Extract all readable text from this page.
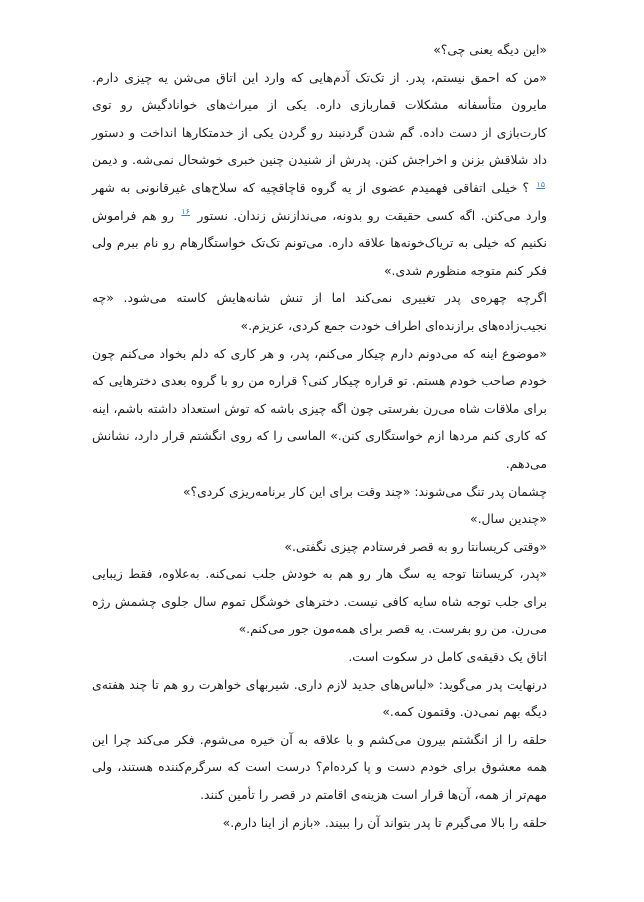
«این دیگه یعنی چی؟»

«من که احمق نیستم، پدر. از تک‌تک آدم‌هایی که وارد این اتاق می‌شن یه چیزی دارم. مایرون متأسفانه مشکلات قماربازی داره. یکی از میراث‌های خوانادگیش رو توی کارت‌بازی از دست داده. گم شدن گردنبند رو گردن یکی از خدمتکارها انداخت و دستور داد شلاقش بزنن و اخراجش کنن. پدرش از شنیدن چنین خبری خوشحال نمی‌شه. و دیمن $^{۱۵}$ ؟ خیلی اتفاقی فهمیدم عضوی از یه گروه قاچاقچیه که سلاح‌های غیرقانونی به شهر وارد می‌کنن. اگه کسی حقیقت رو بدونه، می‌ندازنش زندان. نستور $^{۱۶}$ رو هم فراموش نکنیم که خیلی به تریاک‌خونه‌ها علاقه داره. می‌تونم تک‌تک خواستگارهام رو نام ببرم ولی فکر کنم متوجه منظورم شدی.»

اگرچه چهره‌ی پدر تغییری نمی‌کند اما از تنش شانه‌هایش کاسته می‌شود. «چه نجیب‌زاده‌های برازنده‌ای اطراف خودت جمع کردی، عزیزم.»

«موضوع اینه که می‌دونم دارم چیکار می‌کنم، پدر، و هر کاری که دلم بخواد می‌کنم چون خودم صاحب خودم هستم. تو قراره چیکار کنی؟ قراره من رو با گروه بعدی دخترهایی که برای ملاقات شاه می‌رن بفرستی چون اگه چیزی باشه که توش استعداد داشته باشم، اینه که کاری کنم مردها ازم خواستگاری کنن.» الماسی را که روی انگشتم قرار دارد، نشانش می‌دهم.

چشمان پدر تنگ می‌شوند: «چند وقت برای این کار برنامه‌ریزی کردی؟»

«چندین سال.»

«وقتی کریسانتا رو به قصر فرستادم چیزی نگفتی.»

«پدر، کریسانتا توجه یه سگ هار رو هم به خودش جلب نمی‌کنه. به‌علاوه، فقط زیبایی برای جلب توجه شاه سایه کافی نیست. دخترهای خوشگل تموم سال جلوی چشمش رژه می‌رن. من رو بفرست. یه قصر برای همه‌مون جور می‌کنم.»

اتاق یک دقیقه‌ی کامل در سکوت است.

درنهایت پدر می‌گوید: «لباس‌های جدید لازم داری. شیربهای خواهرت رو هم تا چند هفته‌ی دیگه بهم نمی‌دن. وقتمون کمه.»

حلقه را از انگشتم بیرون می‌کشم و با علاقه به آن خیره می‌شوم. فکر می‌کند چرا این همه معشوق برای خودم دست و پا کرده‌ام؟ درست است که سرگرم‌کننده هستند، ولی مهم‌تر از همه، آن‌ها قرار است هزینه‌ی اقامتم در قصر را تأمین کنند.

حلقه را بالا می‌گیرم تا پدر بتواند آن را ببیند. «بازم از اینا دارم.»
